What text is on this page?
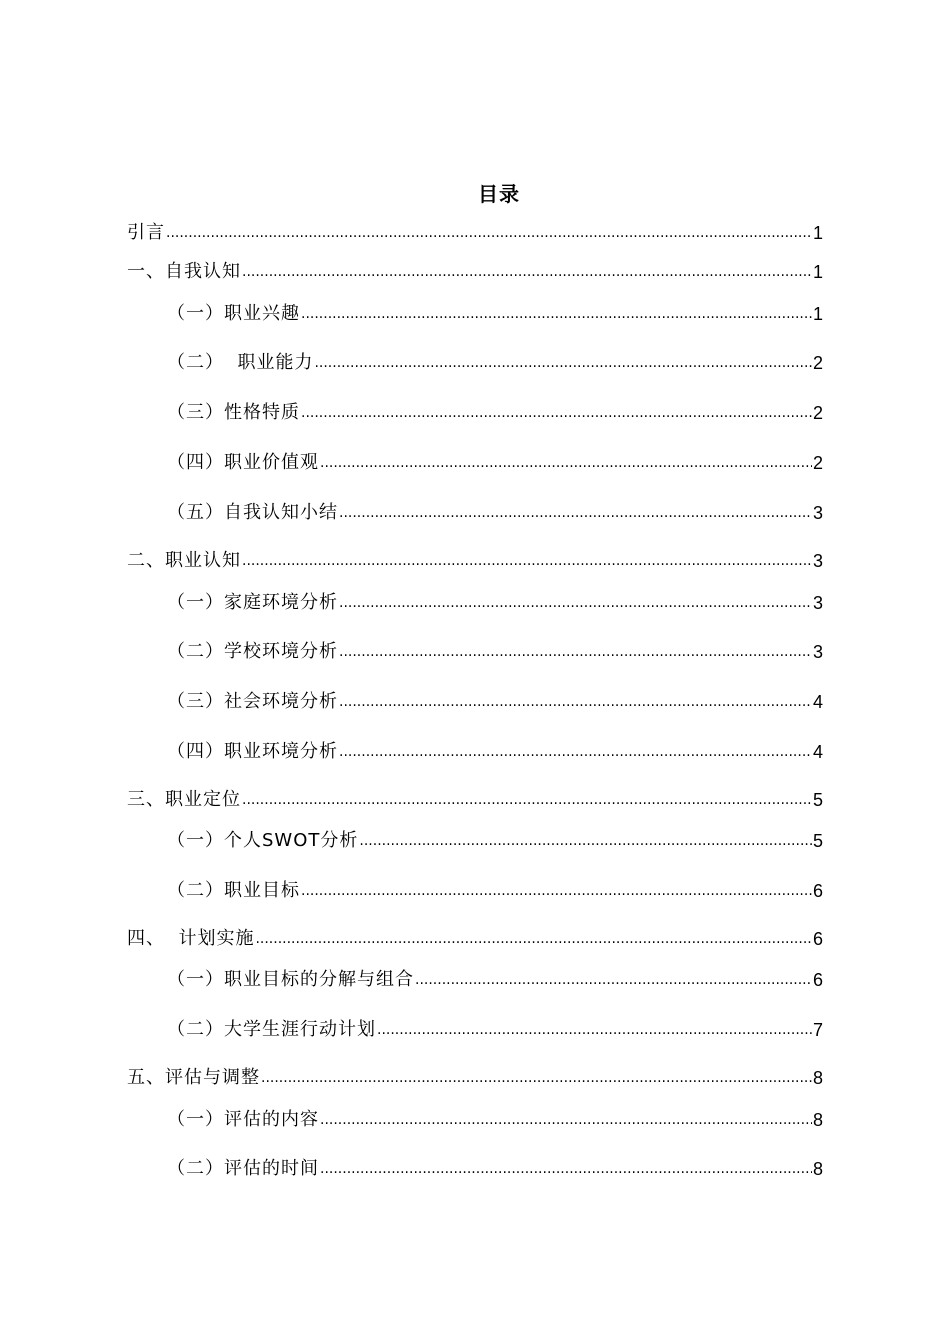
目录
引言 .....	1
一、自我认知 .....	1
（一）职业兴趣 .....	1
（二）  职业能力 .....	2
（三）性格特质 .....	2
（四）职业价值观 .....	2
（五）自我认知小结 .....	3
二、职业认知 .....	3
（一）家庭环境分析 .....	3
（二）学校环境分析 .....	3
（三）社会环境分析 .....	4
（四）职业环境分析 .....	4
三、职业定位 .....	5
（一）个人SWOT分析 .....	5
（二）职业目标 .....	6
四、  计划实施 .....	6
（一）职业目标的分解与组合 .....	6
（二）大学生涯行动计划 .....	7
五、评估与调整 .....	8
（一）评估的内容 .....	8
（二）评估的时间 .....	8
